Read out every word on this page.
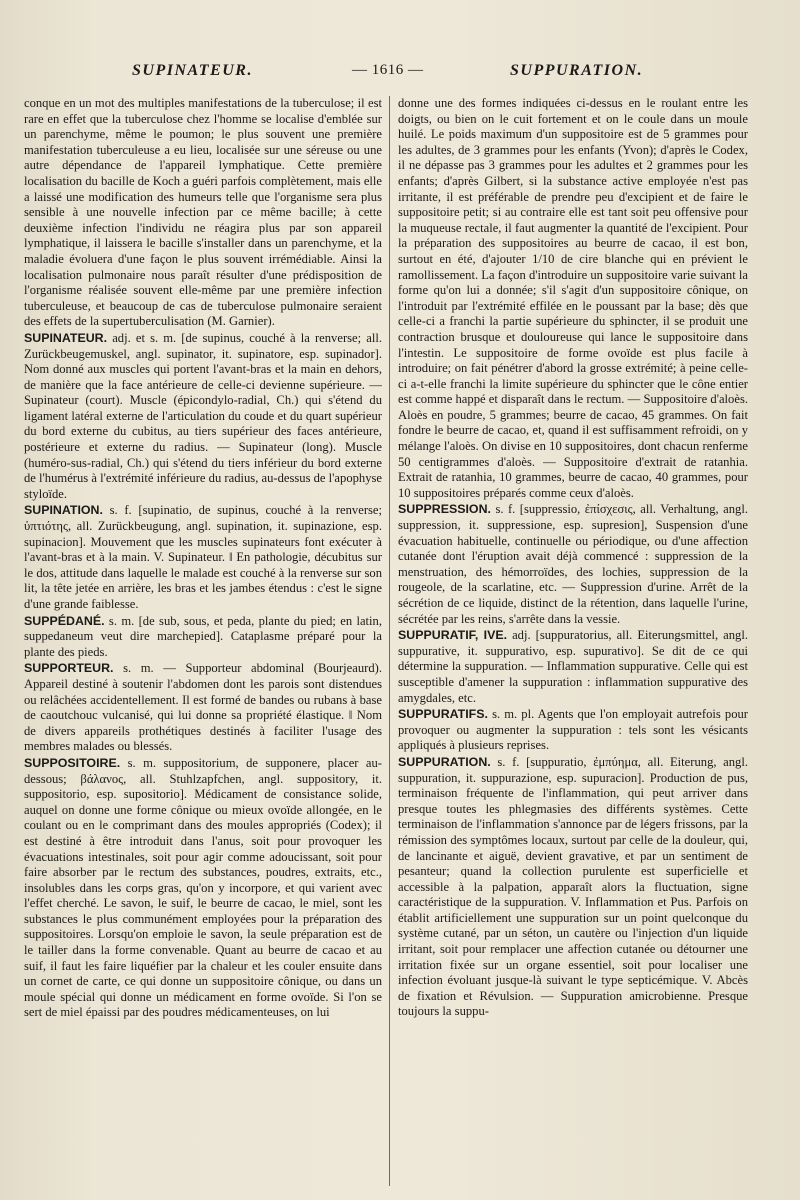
SUPINATEUR.	— 1616 —	SUPPURATION.

conque en un mot des multiples manifestations de la tuberculose; il est rare en effet que la tuberculose chez l'homme se localise d'emblée sur un parenchyme, même le poumon; le plus souvent une première manifestation tuberculeuse a eu lieu, localisée sur une séreuse ou une autre dépendance de l'appareil lymphatique. Cette première localisation du bacille de Koch a guéri parfois complètement, mais elle a laissé une modification des humeurs telle que l'organisme sera plus sensible à une nouvelle infection par ce même bacille; à cette deuxième infection l'individu ne réagira plus par son appareil lymphatique, il laissera le bacille s'installer dans un parenchyme, et la maladie évoluera d'une façon le plus souvent irrémédiable. Ainsi la localisation pulmonaire nous paraît résulter d'une prédisposition de l'organisme réalisée souvent elle-même par une première infection tuberculeuse, et beaucoup de cas de tuberculose pulmonaire seraient des effets de la supertuberculisation (M. Garnier).

SUPINATEUR. adj. et s. m. [de supinus, couché à la renverse; all. Zurückbeugemuskel, angl. supinator, it. supinatore, esp. supinador]. Nom donné aux muscles qui portent l'avant-bras et la main en dehors, de manière que la face antérieure de celle-ci devienne supérieure. — Supinateur (court). Muscle (épicondylo-radial, Ch.) qui s'étend du ligament latéral externe de l'articulation du coude et du quart supérieur du bord externe du cubitus, au tiers supérieur des faces antérieure, postérieure et externe du radius. — Supinateur (long). Muscle (huméro-sus-radial, Ch.) qui s'étend du tiers inférieur du bord externe de l'humérus à l'extrémité inférieure du radius, au-dessus de l'apophyse styloïde.

SUPINATION. s. f. [supinatio, de supinus, couché à la renverse; ὑπτιότης, all. Zurückbeugung, angl. supination, it. supinazione, esp. supinacion]. Mouvement que les muscles supinateurs font exécuter à l'avant-bras et à la main. V. Supinateur. ‖ En pathologie, décubitus sur le dos, attitude dans laquelle le malade est couché à la renverse sur son lit, la tête jetée en arrière, les bras et les jambes étendus : c'est le signe d'une grande faiblesse.

SUPPÉDANÉ. s. m. [de sub, sous, et peda, plante du pied; en latin, suppedaneum veut dire marchepied]. Cataplasme préparé pour la plante des pieds.

SUPPORTEUR. s. m. — Supporteur abdominal (Bourjeaurd). Appareil destiné à soutenir l'abdomen dont les parois sont distendues ou relâchées accidentellement. Il est formé de bandes ou rubans à base de caoutchouc vulcanisé, qui lui donne sa propriété élastique. ‖ Nom de divers appareils prothétiques destinés à faciliter l'usage des membres malades ou blessés.

SUPPOSITOIRE. s. m. suppositorium, de supponere, placer au-dessous; βάλανος, all. Stuhlzapfchen, angl. suppository, it. suppositorio, esp. supositorio]. Médicament de consistance solide, auquel on donne une forme cônique ou mieux ovoïde allongée, en le coulant ou en le comprimant dans des moules appropriés (Codex); il est destiné à être introduit dans l'anus, soit pour provoquer les évacuations intestinales, soit pour agir comme adoucissant, soit pour faire absorber par le rectum des substances, poudres, extraits, etc., insolubles dans les corps gras, qu'on y incorpore, et qui varient avec l'effet cherché. Le savon, le suif, le beurre de cacao, le miel, sont les substances le plus communément employées pour la préparation des suppositoires. Lorsqu'on emploie le savon, la seule préparation est de le tailler dans la forme convenable. Quant au beurre de cacao et au suif, il faut les faire liquéfier par la chaleur et les couler ensuite dans un cornet de carte, ce qui donne un suppositoire cônique, ou dans un moule spécial qui donne un médicament en forme ovoïde. Si l'on se sert de miel épaissi par des poudres médicamenteuses, on lui

donne une des formes indiquées ci-dessus en le roulant entre les doigts, ou bien on le cuit fortement et on le coule dans un moule huilé. Le poids maximum d'un suppositoire est de 5 grammes pour les adultes, de 3 grammes pour les enfants (Yvon); d'après le Codex, il ne dépasse pas 3 grammes pour les adultes et 2 grammes pour les enfants; d'après Gilbert, si la substance active employée n'est pas irritante, il est préférable de prendre peu d'excipient et de faire le suppositoire petit; si au contraire elle est tant soit peu offensive pour la muqueuse rectale, il faut augmenter la quantité de l'excipient. Pour la préparation des suppositoires au beurre de cacao, il est bon, surtout en été, d'ajouter 1/10 de cire blanche qui en prévient le ramollissement. La façon d'introduire un suppositoire varie suivant la forme qu'on lui a donnée; s'il s'agit d'un suppositoire cônique, on l'introduit par l'extrémité effilée en le poussant par la base; dès que celle-ci a franchi la partie supérieure du sphincter, il se produit une contraction brusque et douloureuse qui lance le suppositoire dans l'intestin. Le suppositoire de forme ovoïde est plus facile à introduire; on fait pénétrer d'abord la grosse extrémité; à peine celle-ci a-t-elle franchi la limite supérieure du sphincter que le cône entier est comme happé et disparaît dans le rectum. — Suppositoire d'aloès. Aloès en poudre, 5 grammes; beurre de cacao, 45 grammes. On fait fondre le beurre de cacao, et, quand il est suffisamment refroidi, on y mélange l'aloès. On divise en 10 suppositoires, dont chacun renferme 50 centigrammes d'aloès. — Suppositoire d'extrait de ratanhia. Extrait de ratanhia, 10 grammes, beurre de cacao, 40 grammes, pour 10 suppositoires préparés comme ceux d'aloès.

SUPPRESSION. s. f. [suppressio, ἐπίσχεσις, all. Verhaltung, angl. suppression, it. suppressione, esp. supresion], Suspension d'une évacuation habituelle, continuelle ou périodique, ou d'une affection cutanée dont l'éruption avait déjà commencé : suppression de la menstruation, des hémorroïdes, des lochies, suppression de la rougeole, de la scarlatine, etc. — Suppression d'urine. Arrêt de la sécrétion de ce liquide, distinct de la rétention, dans laquelle l'urine, sécrétée par les reins, s'arrête dans la vessie.

SUPPURATIF, IVE. adj. [suppuratorius, all. Eiterungsmittel, angl. suppurative, it. suppurativo, esp. supurativo]. Se dit de ce qui détermine la suppuration. — Inflammation suppurative. Celle qui est susceptible d'amener la suppuration : inflammation suppurative des amygdales, etc.

SUPPURATIFS. s. m. pl. Agents que l'on employait autrefois pour provoquer ou augmenter la suppuration : tels sont les vésicants appliqués à plusieurs reprises.

SUPPURATION. s. f. [suppuratio, ἐμπύημα, all. Eiterung, angl. suppuration, it. suppurazione, esp. supuracion]. Production de pus, terminaison fréquente de l'inflammation, qui peut arriver dans presque toutes les phlegmasies des différents systèmes. Cette terminaison de l'inflammation s'annonce par de légers frissons, par la rémission des symptômes locaux, surtout par celle de la douleur, qui, de lancinante et aiguë, devient gravative, et par un sentiment de pesanteur; quand la collection purulente est superficielle et accessible à la palpation, apparaît alors la fluctuation, signe caractéristique de la suppuration. V. Inflammation et Pus. Parfois on établit artificiellement une suppuration sur un point quelconque du système cutané, par un séton, un cautère ou l'injection d'un liquide irritant, soit pour remplacer une affection cutanée ou détourner une irritation fixée sur un organe essentiel, soit pour localiser une infection évoluant jusque-là suivant le type septicémique. V. Abcès de fixation et Révulsion. — Suppuration amicrobienne. Presque toujours la suppu-
